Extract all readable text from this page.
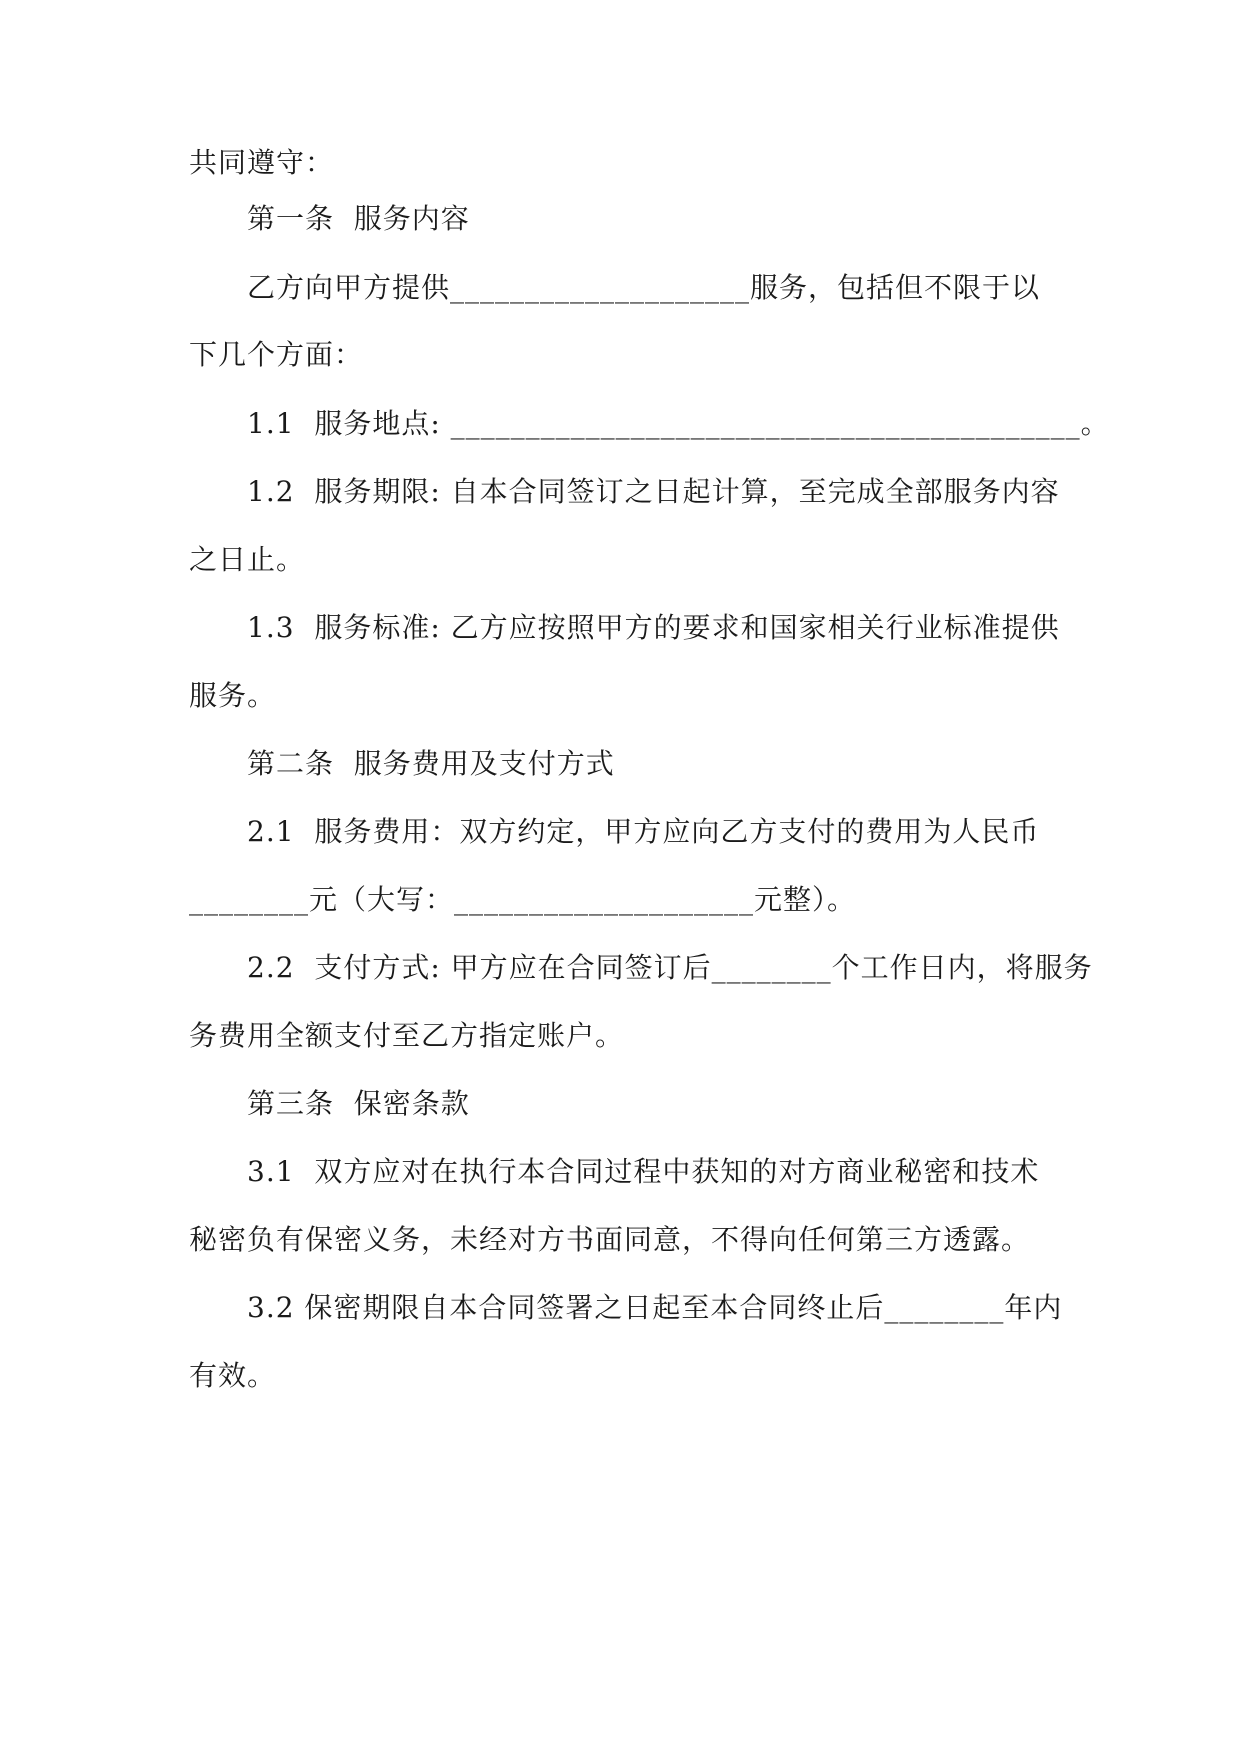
共同遵守：
第一条  服务内容
乙方向甲方提供____________________服务，包括但不限于以
下几个方面：
1.1  服务地点: __________________________________________。
1.2  服务期限: 自本合同签订之日起计算，至完成全部服务内容
之日止。
1.3  服务标准: 乙方应按照甲方的要求和国家相关行业标准提供
服务。
第二条  服务费用及支付方式
2.1  服务费用：双方约定，甲方应向乙方支付的费用为人民币
________元（大写：____________________元整）。
2.2  支付方式: 甲方应在合同签订后________个工作日内，将服务
务费用全额支付至乙方指定账户。
第三条  保密条款
3.1  双方应对在执行本合同过程中获知的对方商业秘密和技术
秘密负有保密义务，未经对方书面同意，不得向任何第三方透露。
3.2 保密期限自本合同签署之日起至本合同终止后________年内
有效。
